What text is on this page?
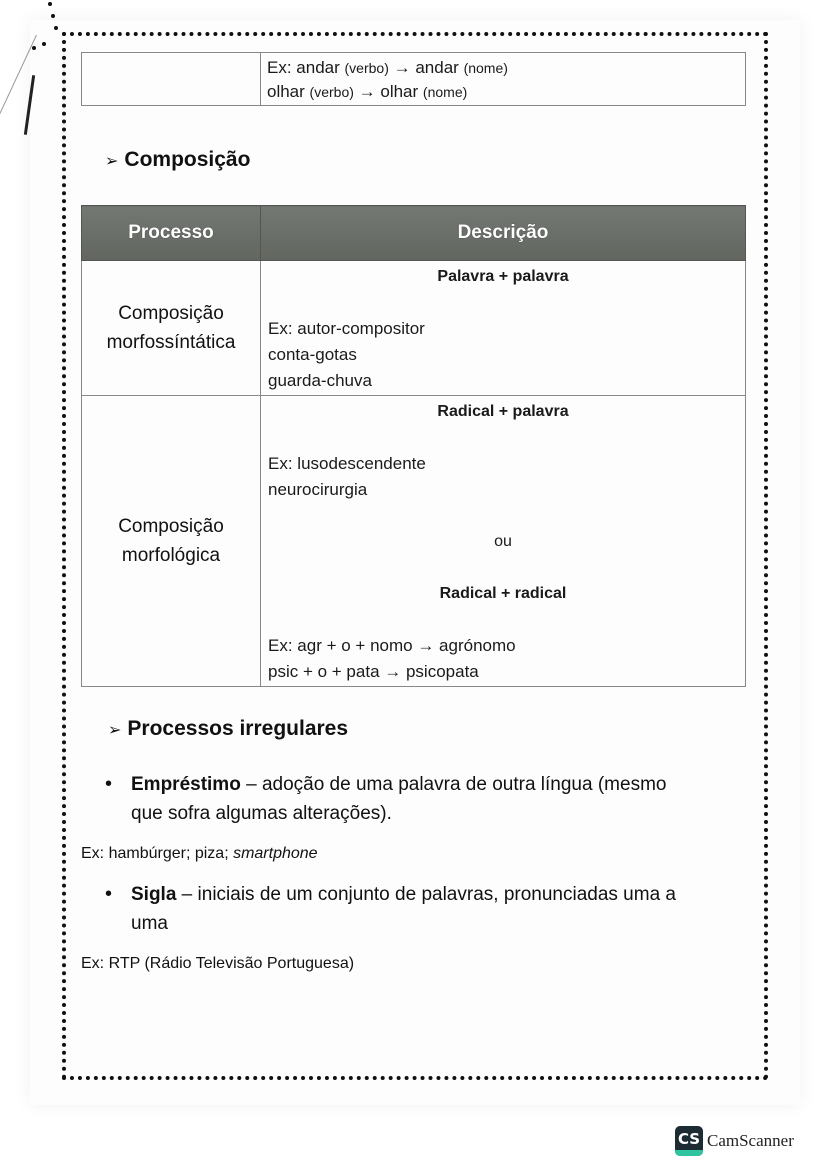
Ex: andar (verbo) → andar (nome)
olhar (verbo) → olhar (nome)
➢ Composição
Processo	Descrição

Composição
morfossíntática

Palavra + palavra
Ex: autor-compositor
conta-gotas
guarda-chuva

Composição
morfológica

Radical + palavra
Ex: lusodescendente
neurocirurgia
ou
Radical + radical
Ex: agr + o + nomo → agrónomo
psic + o + pata → psicopata
➢ Processos irregulares
• Empréstimo – adoção de uma palavra de outra língua (mesmo
que sofra algumas alterações).
Ex: hambúrger; piza; smartphone
• Sigla – iniciais de um conjunto de palavras, pronunciadas uma a
uma
Ex: RTP (Rádio Televisão Portuguesa)
CS CamScanner
